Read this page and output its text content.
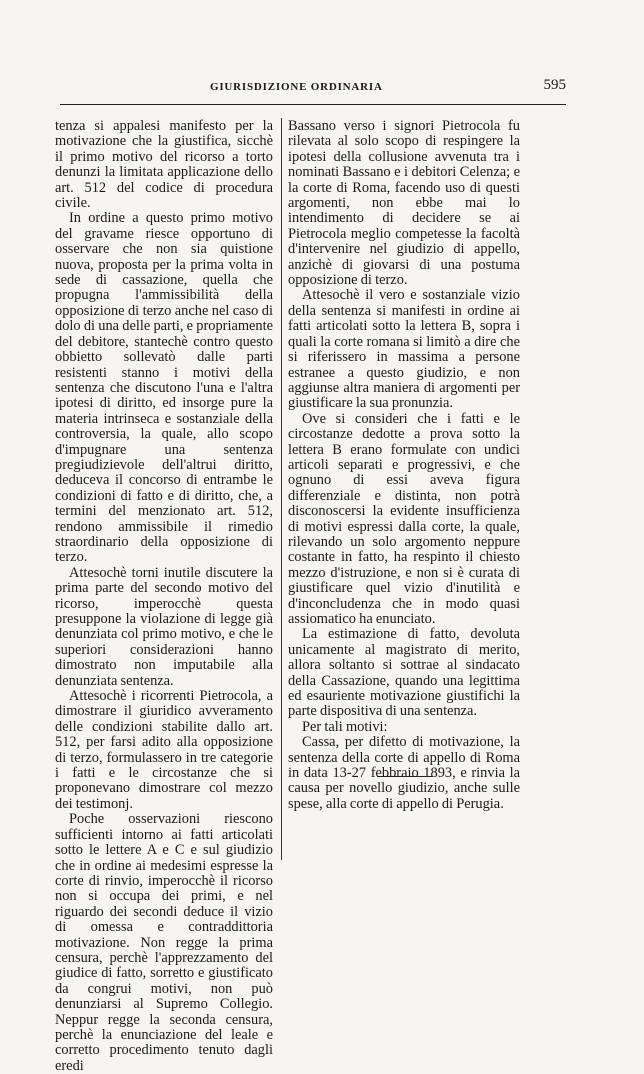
GIURISDIZIONE ORDINARIA	595

tenza si appalesi manifesto per la motivazione che la giustifica, sicchè il primo motivo del ricorso a torto denunzi la limitata applicazione dello art. 512 del codice di procedura civile.

In ordine a questo primo motivo del gravame riesce opportuno di osservare che non sia quistione nuova, proposta per la prima volta in sede di cassazione, quella che propugna l'ammissibilità della opposizione di terzo anche nel caso di dolo di una delle parti, e propriamente del debitore, stantechè contro questo obbietto sollevatò dalle parti resistenti stanno i motivi della sentenza che discutono l'una e l'altra ipotesi di diritto, ed insorge pure la materia intrinseca e sostanziale della controversia, la quale, allo scopo d'impugnare una sentenza pregiudizievole dell'altrui diritto, deduceva il concorso di entrambe le condizioni di fatto e di diritto, che, a termini del menzionato art. 512, rendono ammissibile il rimedio straordinario della opposizione di terzo.

Attesochè torni inutile discutere la prima parte del secondo motivo del ricorso, imperocchè questa presuppone la violazione di legge già denunziata col primo motivo, e che le superiori considerazioni hanno dimostrato non imputabile alla denunziata sentenza.

Attesochè i ricorrenti Pietrocola, a dimostrare il giuridico avveramento delle condizioni stabilite dallo art. 512, per farsi adito alla opposizione di terzo, formulassero in tre categorie i fatti e le circostanze che si proponevano dimostrare col mezzo dei testimonj.

Poche osservazioni riescono sufficienti intorno ai fatti articolati sotto le lettere A e C e sul giudizio che in ordine ai medesimi espresse la corte di rinvio, imperocchè il ricorso non si occupa dei primi, e nel riguardo dei secondi deduce il vizio di omessa e contraddittoria motivazione. Non regge la prima censura, perchè l'apprezzamento del giudice di fatto, sorretto e giustificato da congrui motivi, non può denunziarsi al Supremo Collegio. Neppur regge la seconda censura, perchè la enunciazione del leale e corretto procedimento tenuto dagli eredi

Bassano verso i signori Pietrocola fu rilevata al solo scopo di respingere la ipotesi della collusione avvenuta tra i nominati Bassano e i debitori Celenza; e la corte di Roma, facendo uso di questi argomenti, non ebbe mai lo intendimento di decidere se ai Pietrocola meglio competesse la facoltà d'intervenire nel giudizio di appello, anzichè di giovarsi di una postuma opposizione di terzo.

Attesochè il vero e sostanziale vizio della sentenza si manifesti in ordine ai fatti articolati sotto la lettera B, sopra i quali la corte romana si limitò a dire che si riferissero in massima a persone estranee a questo giudizio, e non aggiunse altra maniera di argomenti per giustificare la sua pronunzia.

Ove si consideri che i fatti e le circostanze dedotte a prova sotto la lettera B erano formulate con undici articoli separati e progressivi, e che ognuno di essi aveva figura differenziale e distinta, non potrà disconoscersi la evidente insufficienza di motivi espressi dalla corte, la quale, rilevando un solo argomento neppure costante in fatto, ha respinto il chiesto mezzo d'istruzione, e non si è curata di giustificare quel vizio d'inutilità e d'inconcludenza che in modo quasi assiomatico ha enunciato.

La estimazione di fatto, devoluta unicamente al magistrato di merito, allora soltanto si sottrae al sindacato della Cassazione, quando una legittima ed esauriente motivazione giustifichi la parte dispositiva di una sentenza.

Per tali motivi:

Cassa, per difetto di motivazione, la sentenza della corte di appello di Roma in data 13-27 febbraio 1893, e rinvia la causa per novello giudizio, anche sulle spese, alla corte di appello di Perugia.
